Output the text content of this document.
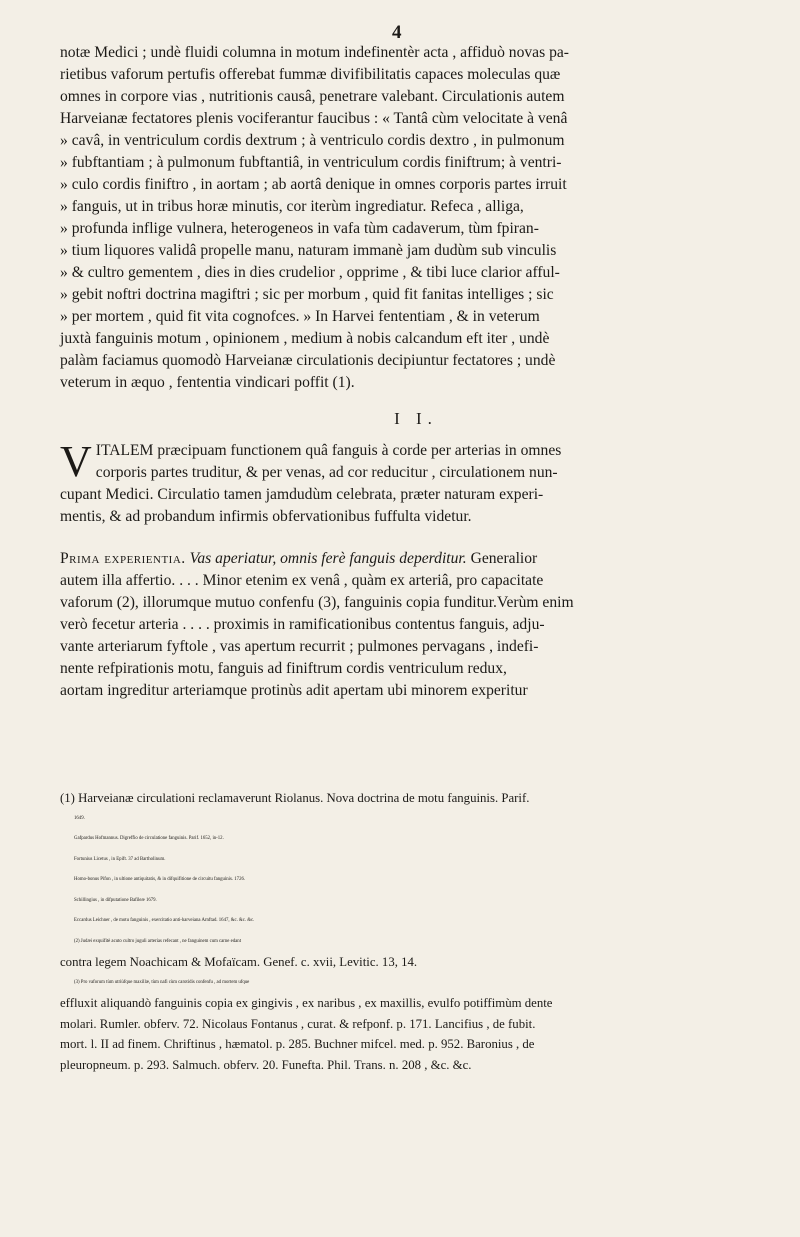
4
notæ Medici ; undè fluidi columna in motum indefinentèr acta , affiduò novas pa-
rietibus vaforum pertufis offerebat fummæ divifibilitatis capaces moleculas quæ
omnes in corpore vias , nutritionis causâ, penetrare valebant. Circulationis autem
Harveianæ fectatores plenis vociferantur faucibus : « Tantâ cùm velocitate à venâ
» cavâ, in ventriculum cordis dextrum ; à ventriculo cordis dextro , in pulmonum
» fubftantiam ; à pulmonum fubftantiâ, in ventriculum cordis finiftrum; à ventri-
» culo cordis finiftro , in aortam ; ab aortâ denique in omnes corporis partes irruit
» fanguis, ut in tribus horæ minutis, cor iterùm ingrediatur. Refeca , alliga,
» profunda inflige vulnera, heterogeneos in vafa tùm cadaverum, tùm fpiran-
» tium liquores validâ propelle manu, naturam immanè jam dudùm sub vinculis
» & cultro gementem , dies in dies crudelior , opprime , & tibi luce clarior afful-
» gebit noftri doctrina magiftri ; sic per morbum , quid fit fanitas intelliges ; sic
» per mortem , quid fit vita cognofces. » In Harvei fententiam , & in veterum
juxtà fanguinis motum , opinionem , medium à nobis calcandum eft iter , undè
palàm faciamus quomodò Harveianæ circulationis decipiuntur fectatores ; undè
veterum in æquo , fententia vindicari poffit (1).
I I.
V ITALEM præcipuam functionem quâ fanguis à corde per arterias in omnes
corporis partes truditur, & per venas, ad cor reducitur , circulationem nun-
cupant Medici. Circulatio tamen jamdudùm celebrata, præter naturam experi-
mentis, & ad probandum infirmis obfervationibus fuffulta videtur.
Prima experientia. Vas aperiatur, omnis ferè fanguis deperditur. Generalior
autem illa affertio. . . . Minor etenim ex venâ , quàm ex arteriâ, pro capacitate
vaforum (2), illorumque mutuo confenfu (3), fanguinis copia funditur.Verùm enim
verò fecetur arteria . . . . proximis in ramificationibus contentus fanguis, adju-
vante arteriarum fyftole , vas apertum recurrit ; pulmones pervagans , indefi-
nente refpirationis motu, fanguis ad finiftrum cordis ventriculum redux,
aortam ingreditur arteriamque protinùs adit apertam ubi minorem experitur
(1) Harveianæ circulationi reclamaverunt Riolanus. Nova doctrina de motu fanguinis. Parif.
1649.
Gafpardus Hofmannus. Digreffio de circulatione fanguinis. Parif. 1652, in-12.
Fortunius Licetus , in Epift. 37 ad Bartholinum.
Homo-bonus Pifon , in ultione antiquitatis, & in difquifitione de circuitu fanguinis. 1726.
Schillingius , in difputatione Bafileæ 1679.
Eccardus Leichner , de motu fanguinis , exercitatio anti-harveiana Arnftad. 1647, &c. &c. &c.
(2) Judæi exquifitè acuto cultro juguli arterias refecant , ne fanguinem cum carne edant
contra legem Noachicam & Mofaïcam. Genef. c. xvii, Levitic. 13, 14.
(3) Pro vaforum tùm utriùfque maxillæ, tùm nafi cùm carotidis confenfu , ad mortem ufque
effluxit aliquandò fanguinis copia ex gingivis , ex naribus , ex maxillis, evulfo potiffimùm dente
molari. Rumler. obferv. 72. Nicolaus Fontanus , curat. & refponf. p. 171. Lancifius , de fubit.
mort. l. II ad finem. Chriftinus , hæmatol. p. 285. Buchner mifcel. med. p. 952. Baronius , de
pleuropneum. p. 293. Salmuch. obferv. 20. Funefta. Phil. Trans. n. 208 , &c. &c.
